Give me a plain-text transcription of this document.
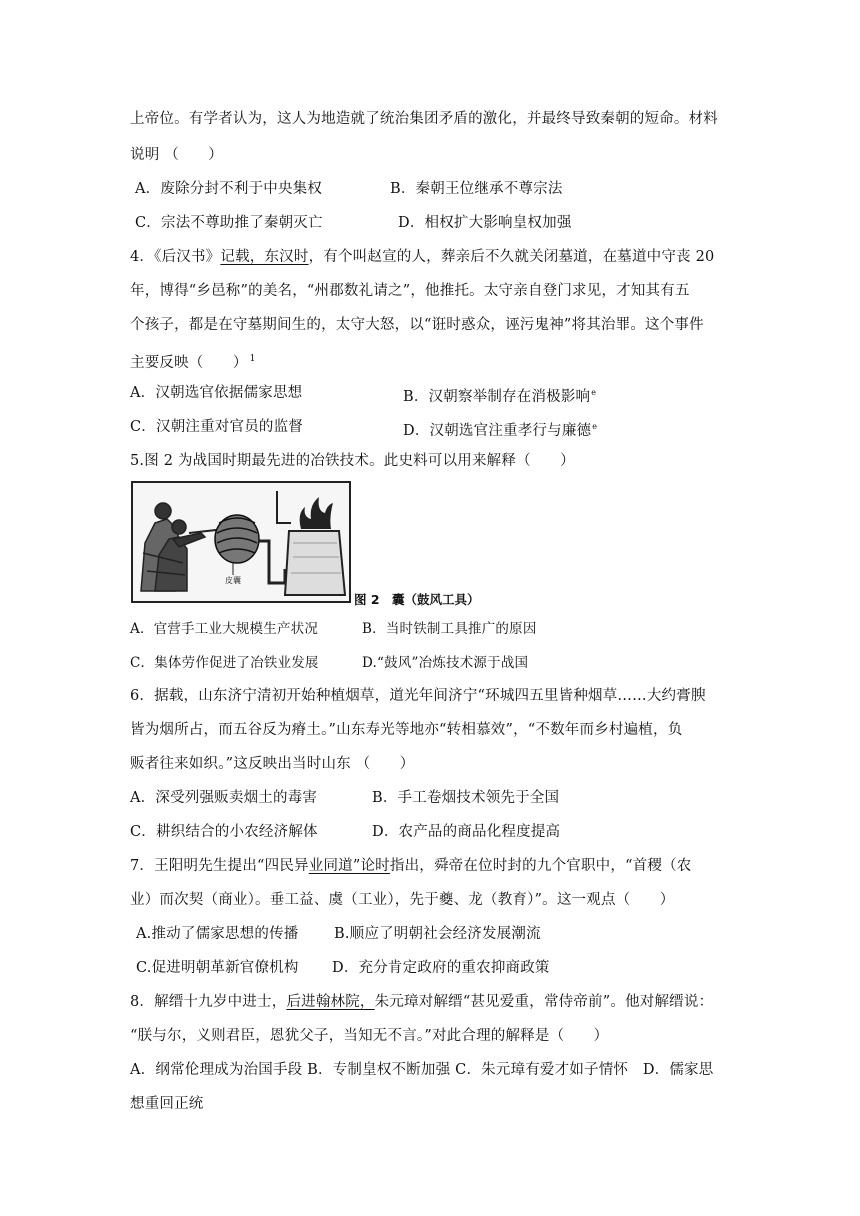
上帝位。有学者认为，这人为地造就了统治集团矛盾的激化，并最终导致秦朝的短命。材料
说明 （　　）
A．废除分封不利于中央集权	B．秦朝王位继承不尊宗法
C．宗法不尊助推了秦朝灭亡	D．相权扩大影响皇权加强
4．《后汉书》记载，东汉时，有个叫赵宣的人，葬亲后不久就关闭墓道，在墓道中守丧 20
年，博得“乡邑称”的美名，“州郡数礼请之”，他推托。太守亲自登门求见，才知其有五
个孩子，都是在守墓期间生的，太守大怒，以“诳时惑众，诬污鬼神”将其治罪。这个事件
主要反映（　　） $^1$
A．汉朝选官依据儒家思想	B．汉朝察举制存在消极影响$^e$
C．汉朝注重对官员的监督	D．汉朝选官注重孝行与廉德$^e$
5.图 2 为战国时期最先进的冶铁技术。此史料可以用来解释（　　）
皮囊
图 2　囊（鼓风工具）
A．官营手工业大规模生产状况	B．当时铁制工具推广的原因
C．集体劳作促进了冶铁业发展	D.“鼓风”冶炼技术源于战国
6．据载，山东济宁清初开始种植烟草，道光年间济宁“环城四五里皆种烟草……大约膏腴
皆为烟所占，而五谷反为瘠土。”山东寿光等地亦“转相慕效”，“不数年而乡村遍植，负
贩者往来如织。”这反映出当时山东 （　　）
A．深受列强贩卖烟土的毒害	B．手工卷烟技术领先于全国
C．耕织结合的小农经济解体	D．农产品的商品化程度提高
7．王阳明先生提出“四民异业同道”论时指出，舜帝在位时封的九个官职中，“首稷（农
业）而次契（商业）。垂工益、虞（工业），先于夔、龙（教育）”。这一观点（　　）
A.推动了儒家思想的传播 B.顺应了明朝社会经济发展潮流
C.促进明朝革新官僚机构 D．充分肯定政府的重农抑商政策
8．解缙十九岁中进士，后进翰林院，朱元璋对解缙“甚见爱重，常侍帝前”。他对解缙说：
“朕与尔，义则君臣，恩犹父子，当知无不言。”对此合理的解释是（　　）
A．纲常伦理成为治国手段 B．专制皇权不断加强 C．朱元璋有爱才如子情怀　D．儒家思
想重回正统
